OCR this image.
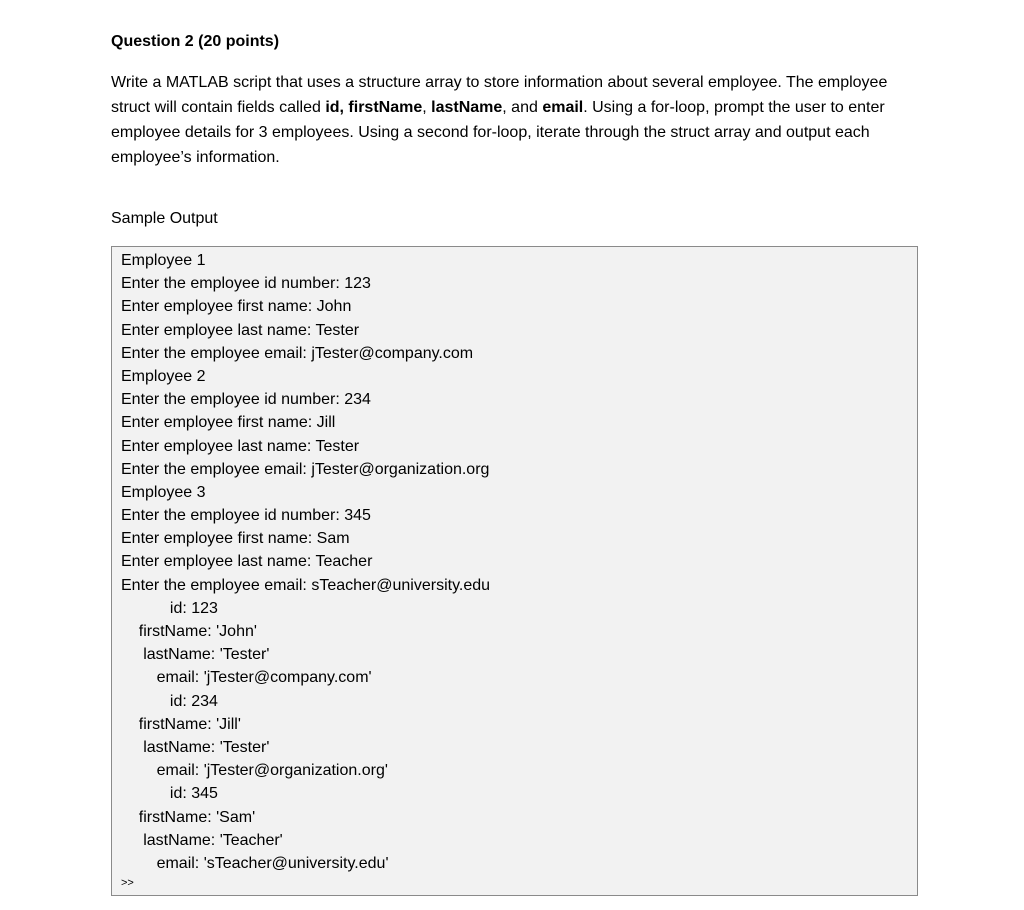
Question 2 (20 points)

Write a MATLAB script that uses a structure array to store information about several employee. The employee struct will contain fields called id, firstName, lastName, and email. Using a for-loop, prompt the user to enter employee details for 3 employees. Using a second for-loop, iterate through the struct array and output each employee’s information.

Sample Output
Employee 1
Enter the employee id number: 123
Enter employee first name: John
Enter employee last name: Tester
Enter the employee email: jTester@company.com
Employee 2
Enter the employee id number: 234
Enter employee first name: Jill
Enter employee last name: Tester
Enter the employee email: jTester@organization.org
Employee 3
Enter the employee id number: 345
Enter employee first name: Sam
Enter employee last name: Teacher
Enter the employee email: sTeacher@university.edu
id: 123
firstName: 'John'
lastName: 'Tester'
email: 'jTester@company.com'
id: 234
firstName: 'Jill'
lastName: 'Tester'
email: 'jTester@organization.org'
id: 345
firstName: 'Sam'
lastName: 'Teacher'
email: 'sTeacher@university.edu'
>>
